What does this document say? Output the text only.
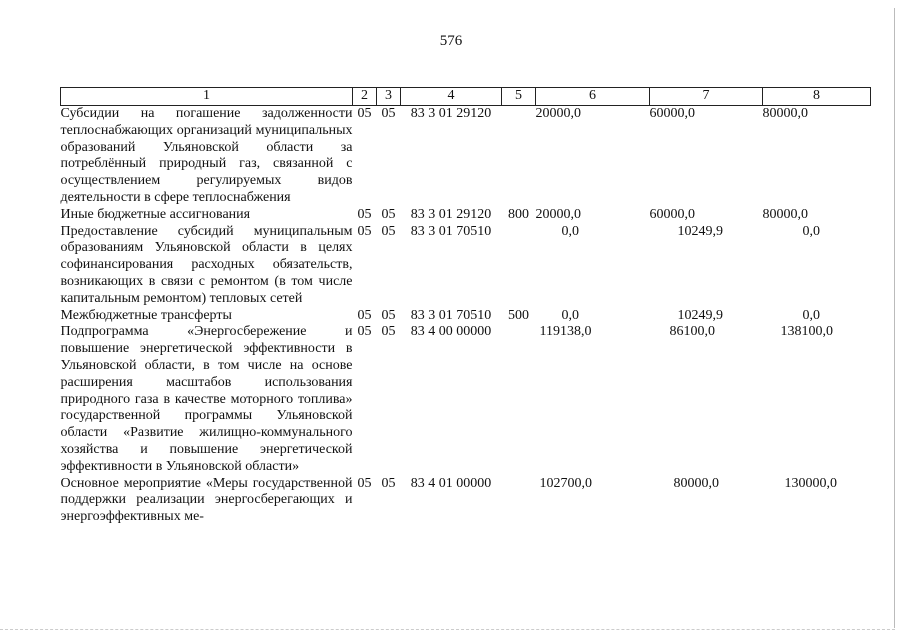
576
1	2	3	4	5	6	7	8
Субсидии на погашение задолженности теплоснабжающих организаций муниципальных образований Ульяновской области за потреблённый природный газ, связанной с осуществлением регулируемых видов деятельности в сфере теплоснабжения	05	05	83 3 01 29120		20000,0	60000,0	80000,0
Иные бюджетные ассигнования	05	05	83 3 01 29120	800	20000,0	60000,0	80000,0
Предоставление субсидий муниципальным образованиям Ульяновской области в целях софинансирования расходных обязательств, возникающих в связи с ремонтом (в том числе капитальным ремонтом) тепловых сетей	05	05	83 3 01 70510		0,0	10249,9	0,0
Межбюджетные трансферты	05	05	83 3 01 70510	500	0,0	10249,9	0,0
Подпрограмма «Энергосбережение и повышение энергетической эффективности в Ульяновской области, в том числе на основе расширения масштабов использования природного газа в качестве моторного топлива» государственной программы Ульяновской области «Развитие жилищно-коммунального хозяйства и повышение энергетической эффективности в Ульяновской области»	05	05	83 4 00 00000		119138,0	86100,0	138100,0
Основное мероприятие «Меры государственной поддержки реализации энергосберегающих и энергоэффективных ме-	05	05	83 4 01 00000		102700,0	80000,0	130000,0
